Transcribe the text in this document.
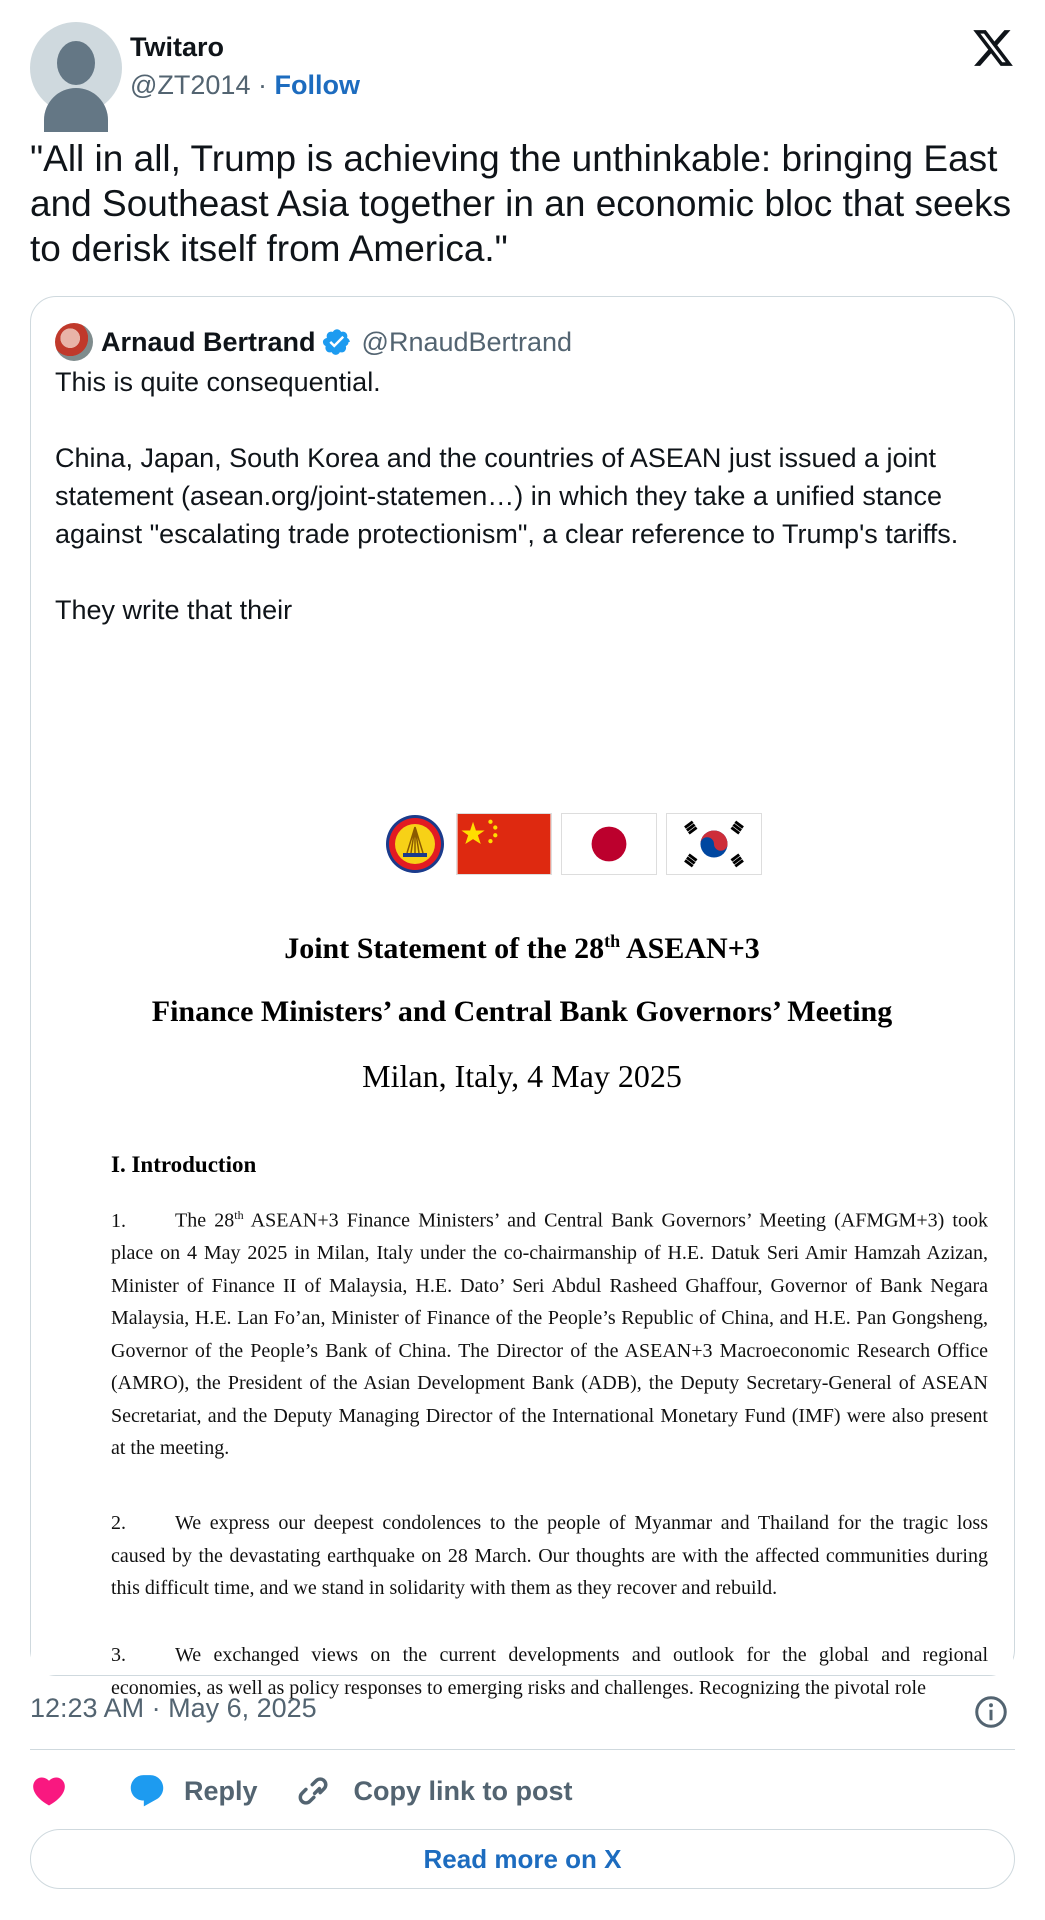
Twitaro
@ZT2014 · Follow
"All in all, Trump is achieving the unthinkable: bringing East and Southeast Asia together in an economic bloc that seeks to derisk itself from America."
Arnaud Bertrand @RnaudBertrand

This is quite consequential.

China, Japan, South Korea and the countries of ASEAN just issued a joint statement (asean.org/joint-statemen…) in which they take a unified stance against "escalating trade protectionism", a clear reference to Trump's tariffs.

They write that their

Joint Statement of the 28th ASEAN+3
Finance Ministers’ and Central Bank Governors’ Meeting
Milan, Italy, 4 May 2025
I. Introduction
1. The 28th ASEAN+3 Finance Ministers’ and Central Bank Governors’ Meeting (AFMGM+3) took place on 4 May 2025 in Milan, Italy under the co-chairmanship of H.E. Datuk Seri Amir Hamzah Azizan, Minister of Finance II of Malaysia, H.E. Dato’ Seri Abdul Rasheed Ghaffour, Governor of Bank Negara Malaysia, H.E. Lan Fo’an, Minister of Finance of the People’s Republic of China, and H.E. Pan Gongsheng, Governor of the People’s Bank of China. The Director of the ASEAN+3 Macroeconomic Research Office (AMRO), the President of the Asian Development Bank (ADB), the Deputy Secretary-General of ASEAN Secretariat, and the Deputy Managing Director of the International Monetary Fund (IMF) were also present at the meeting.
2. We express our deepest condolences to the people of Myanmar and Thailand for the tragic loss caused by the devastating earthquake on 28 March. Our thoughts are with the affected communities during this difficult time, and we stand in solidarity with them as they recover and rebuild.
3. We exchanged views on the current developments and outlook for the global and regional economies, as well as policy responses to emerging risks and challenges. Recognizing the pivotal role
12:23 AM · May 6, 2025
Reply	Copy link to post
Read more on X
